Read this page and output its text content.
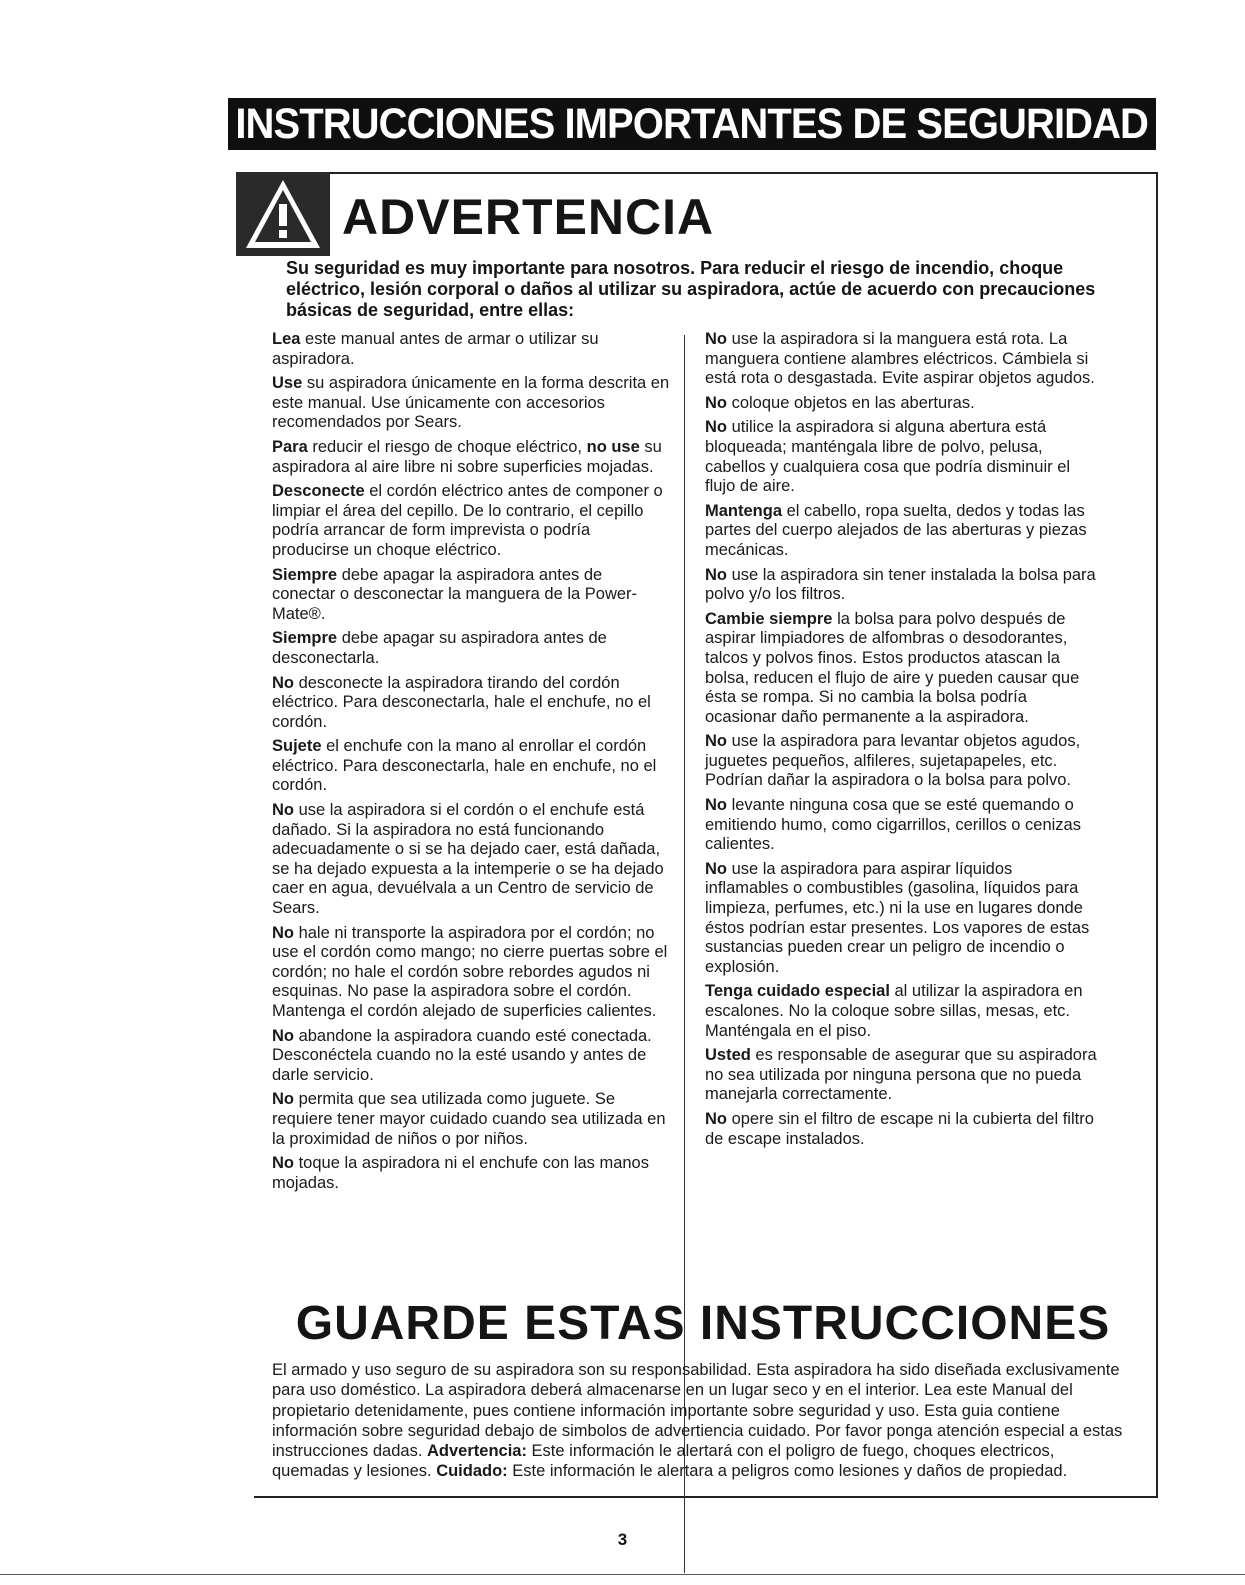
INSTRUCCIONES IMPORTANTES DE SEGURIDAD
ADVERTENCIA
Su seguridad es muy importante para nosotros. Para reducir el riesgo de incendio, choque
eléctrico, lesión corporal o daños al utilizar su aspiradora, actúe de acuerdo con precauciones
básicas de seguridad, entre ellas:

Lea este manual antes de armar o utilizar su aspiradora.

Use su aspiradora únicamente en la forma descrita en este manual. Use únicamente con accesorios recomendados por Sears.

Para reducir el riesgo de choque eléctrico, no use su aspiradora al aire libre ni sobre superficies mojadas.

Desconecte el cordón eléctrico antes de componer o limpiar el área del cepillo. De lo contrario, el cepillo podría arrancar de form imprevista o podría producirse un choque eléctrico.

Siempre debe apagar la aspiradora antes de conectar o desconectar la manguera de la Power-Mate®.

Siempre debe apagar su aspiradora antes de desconectarla.

No desconecte la aspiradora tirando del cordón eléctrico. Para desconectarla, hale el enchufe, no el cordón.

Sujete el enchufe con la mano al enrollar el cordón eléctrico. Para desconectarla, hale en enchufe, no el cordón.

No use la aspiradora si el cordón o el enchufe está dañado. Si la aspiradora no está funcionando adecuadamente o si se ha dejado caer, está dañada, se ha dejado expuesta a la intemperie o se ha dejado caer en agua, devuélvala a un Centro de servicio de Sears.

No hale ni transporte la aspiradora por el cordón; no use el cordón como mango; no cierre puertas sobre el cordón; no hale el cordón sobre rebordes agudos ni esquinas. No pase la aspiradora sobre el cordón. Mantenga el cordón alejado de superficies calientes.

No abandone la aspiradora cuando esté conectada. Desconéctela cuando no la esté usando y antes de darle servicio.

No permita que sea utilizada como juguete. Se requiere tener mayor cuidado cuando sea utilizada en la proximidad de niños o por niños.

No toque la aspiradora ni el enchufe con las manos mojadas.

No use la aspiradora si la manguera está rota. La manguera contiene alambres eléctricos. Cámbiela si está rota o desgastada. Evite aspirar objetos agudos.

No coloque objetos en las aberturas.

No utilice la aspiradora si alguna abertura está bloqueada; manténgala libre de polvo, pelusa, cabellos y cualquiera cosa que podría disminuir el flujo de aire.

Mantenga el cabello, ropa suelta, dedos y todas las partes del cuerpo alejados de las aberturas y piezas mecánicas.

No use la aspiradora sin tener instalada la bolsa para polvo y/o los filtros.

Cambie siempre la bolsa para polvo después de aspirar limpiadores de alfombras o desodorantes, talcos y polvos finos. Estos productos atascan la bolsa, reducen el flujo de aire y pueden causar que ésta se rompa. Si no cambia la bolsa podría ocasionar daño permanente a la aspiradora.

No use la aspiradora para levantar objetos agudos, juguetes pequeños, alfileres, sujetapapeles, etc. Podrían dañar la aspiradora o la bolsa para polvo.

No levante ninguna cosa que se esté quemando o emitiendo humo, como cigarrillos, cerillos o cenizas calientes.

No use la aspiradora para aspirar líquidos inflamables o combustibles (gasolina, líquidos para limpieza, perfumes, etc.) ni la use en lugares donde éstos podrían estar presentes. Los vapores de estas sustancias pueden crear un peligro de incendio o explosión.

Tenga cuidado especial al utilizar la aspiradora en escalones. No la coloque sobre sillas, mesas, etc. Manténgala en el piso.

Usted es responsable de asegurar que su aspiradora no sea utilizada por ninguna persona que no pueda manejarla correctamente.

No opere sin el filtro de escape ni la cubierta del filtro de escape instalados.

GUARDE ESTAS INSTRUCCIONES
El armado y uso seguro de su aspiradora son su responsabilidad. Esta aspiradora ha sido diseñada exclusivamente para uso doméstico. La aspiradora deberá almacenarse en un lugar seco y en el interior. Lea este Manual del propietario detenidamente, pues contiene información importante sobre seguridad y uso. Esta guia contiene información sobre seguridad debajo de simbolos de advertiencia cuidado. Por favor ponga atención especial a estas instrucciones dadas. Advertencia: Este información le alertará con el poligro de fuego, choques electricos, quemadas y lesiones. Cuidado: Este información le alertara a peligros como lesiones y daños de propiedad.
3
